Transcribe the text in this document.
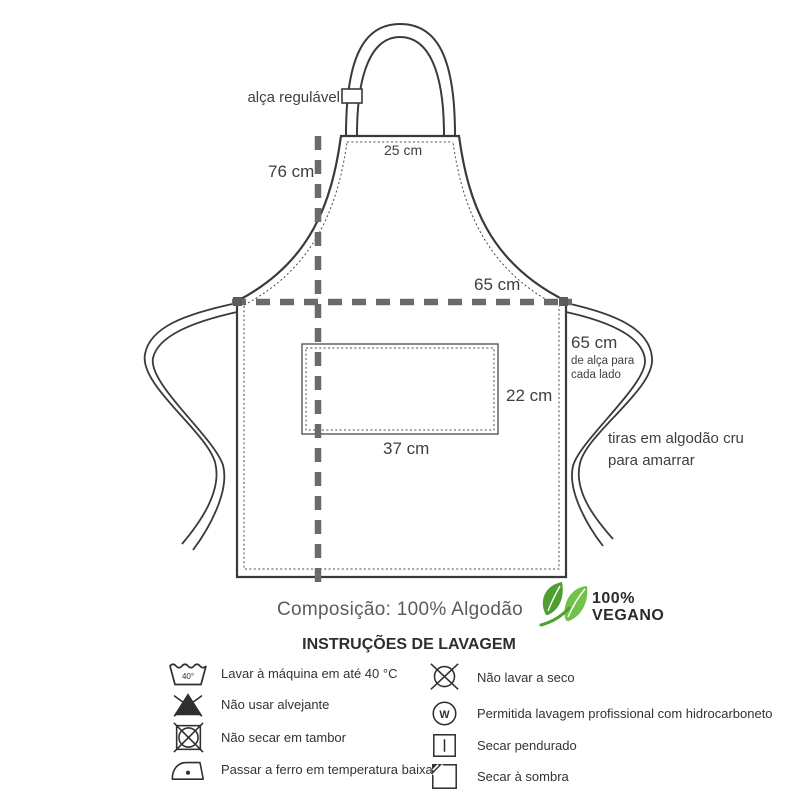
alça regulável
25 cm
76 cm
65 cm
22 cm
37 cm
65 cm
de alça para
cada lado
tiras em algodão cru
para amarrar
Composição: 100% Algodão
100%
VEGANO
INSTRUÇÕES DE LAVAGEM
40° Lavar à máquina em até 40 °C
Não usar alvejante
Não secar em tambor
Passar a ferro em temperatura baixa
Não lavar a seco
W Permitida lavagem profissional com hidrocarboneto
Secar pendurado
Secar à sombra
